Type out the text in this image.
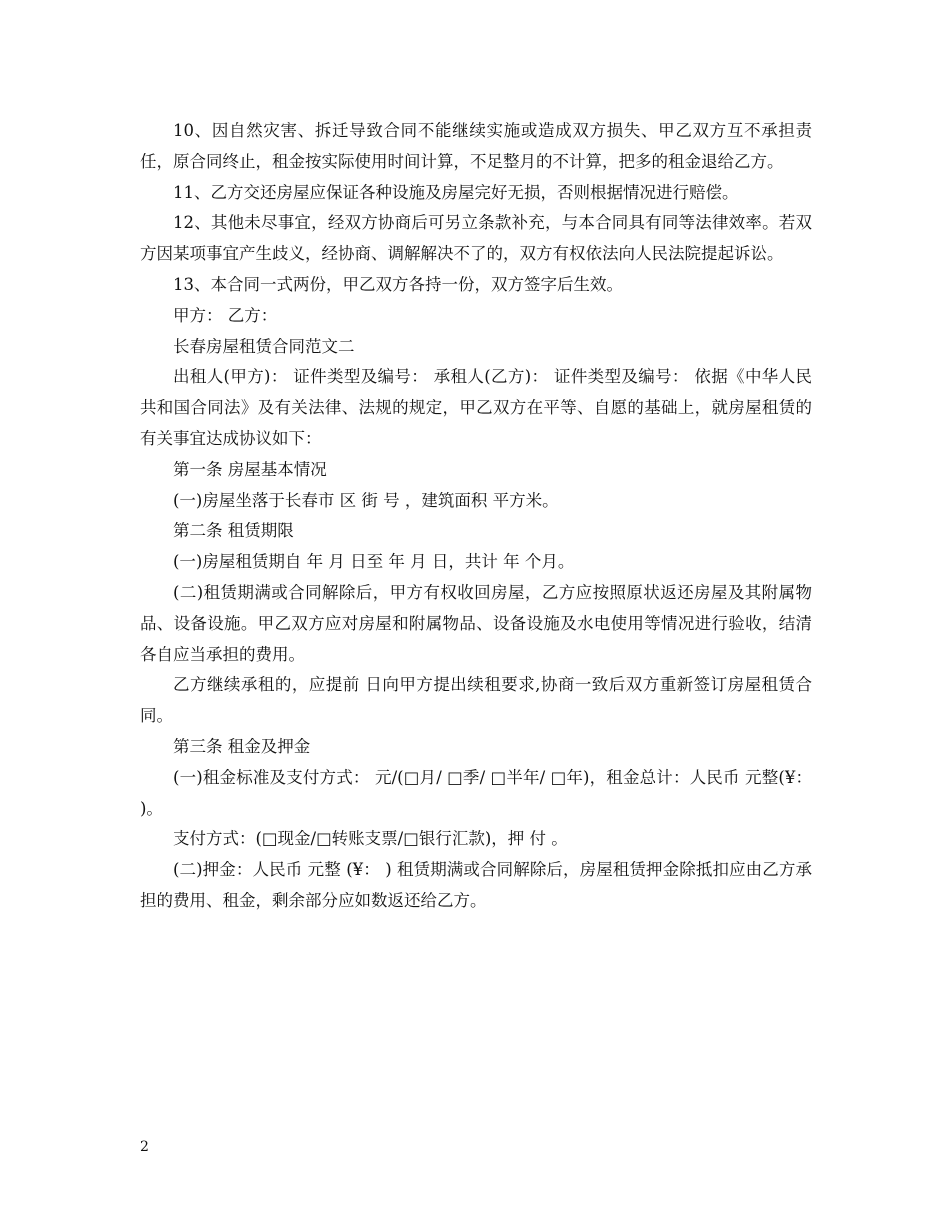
10、因自然灾害、拆迁导致合同不能继续实施或造成双方损失、甲乙双方互不承担责任，原合同终止，租金按实际使用时间计算，不足整月的不计算，把多的租金退给乙方。

11、乙方交还房屋应保证各种设施及房屋完好无损，否则根据情况进行赔偿。

12、其他未尽事宜，经双方协商后可另立条款补充，与本合同具有同等法律效率。若双方因某项事宜产生歧义，经协商、调解解决不了的，双方有权依法向人民法院提起诉讼。

13、本合同一式两份，甲乙双方各持一份，双方签字后生效。

甲方： 乙方：

长春房屋租赁合同范文二

出租人(甲方)： 证件类型及编号： 承租人(乙方)： 证件类型及编号： 依据《中华人民共和国合同法》及有关法律、法规的规定，甲乙双方在平等、自愿的基础上，就房屋租赁的有关事宜达成协议如下：

第一条 房屋基本情况

(一)房屋坐落于长春市 区 街 号 ，建筑面积 平方米。

第二条 租赁期限

(一)房屋租赁期自 年 月 日至 年 月 日，共计 年 个月。

(二)租赁期满或合同解除后，甲方有权收回房屋，乙方应按照原状返还房屋及其附属物品、设备设施。甲乙双方应对房屋和附属物品、设备设施及水电使用等情况进行验收，结清各自应当承担的费用。

乙方继续承租的，应提前 日向甲方提出续租要求,协商一致后双方重新签订房屋租赁合同。

第三条 租金及押金

(一)租金标准及支付方式： 元/(□月/ □季/ □半年/ □年)，租金总计：人民币 元整(¥： )。

支付方式：(□现金/□转账支票/□银行汇款)，押 付 。

(二)押金：人民币 元整 (¥： ) 租赁期满或合同解除后，房屋租赁押金除抵扣应由乙方承担的费用、租金，剩余部分应如数返还给乙方。

2
